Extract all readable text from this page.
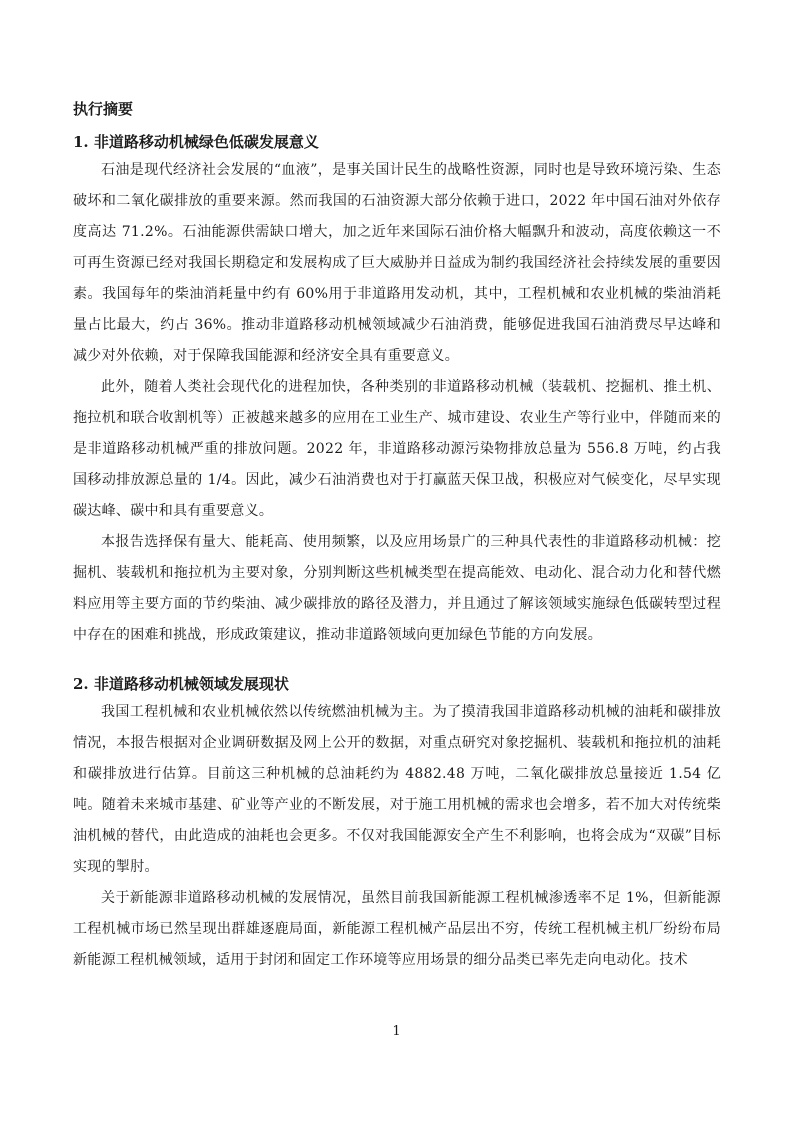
执行摘要
1. 非道路移动机械绿色低碳发展意义

石油是现代经济社会发展的“血液”，是事关国计民生的战略性资源，同时也是导致环境污染、生态破坏和二氧化碳排放的重要来源。然而我国的石油资源大部分依赖于进口，2022 年中国石油对外依存度高达 71.2%。石油能源供需缺口增大，加之近年来国际石油价格大幅飘升和波动，高度依赖这一不可再生资源已经对我国长期稳定和发展构成了巨大威胁并日益成为制约我国经济社会持续发展的重要因素。我国每年的柴油消耗量中约有 60%用于非道路用发动机，其中，工程机械和农业机械的柴油消耗量占比最大，约占 36%。推动非道路移动机械领域减少石油消费，能够促进我国石油消费尽早达峰和减少对外依赖，对于保障我国能源和经济安全具有重要意义。

此外，随着人类社会现代化的进程加快，各种类别的非道路移动机械（装载机、挖掘机、推土机、拖拉机和联合收割机等）正被越来越多的应用在工业生产、城市建设、农业生产等行业中，伴随而来的是非道路移动机械严重的排放问题。2022 年，非道路移动源污染物排放总量为 556.8 万吨，约占我国移动排放源总量的 1/4。因此，减少石油消费也对于打赢蓝天保卫战，积极应对气候变化，尽早实现碳达峰、碳中和具有重要意义。

本报告选择保有量大、能耗高、使用频繁，以及应用场景广的三种具代表性的非道路移动机械：挖掘机、装载机和拖拉机为主要对象，分别判断这些机械类型在提高能效、电动化、混合动力化和替代燃料应用等主要方面的节约柴油、减少碳排放的路径及潜力，并且通过了解该领域实施绿色低碳转型过程中存在的困难和挑战，形成政策建议，推动非道路领域向更加绿色节能的方向发展。

2. 非道路移动机械领域发展现状

我国工程机械和农业机械依然以传统燃油机械为主。为了摸清我国非道路移动机械的油耗和碳排放情况，本报告根据对企业调研数据及网上公开的数据，对重点研究对象挖掘机、装载机和拖拉机的油耗和碳排放进行估算。目前这三种机械的总油耗约为 4882.48 万吨，二氧化碳排放总量接近 1.54 亿吨。随着未来城市基建、矿业等产业的不断发展，对于施工用机械的需求也会增多，若不加大对传统柴油机械的替代，由此造成的油耗也会更多。不仅对我国能源安全产生不利影响，也将会成为“双碳”目标实现的掣肘。

关于新能源非道路移动机械的发展情况，虽然目前我国新能源工程机械渗透率不足 1%，但新能源工程机械市场已然呈现出群雄逐鹿局面，新能源工程机械产品层出不穷，传统工程机械主机厂纷纷布局新能源工程机械领域，适用于封闭和固定工作环境等应用场景的细分品类已率先走向电动化。技术

1
